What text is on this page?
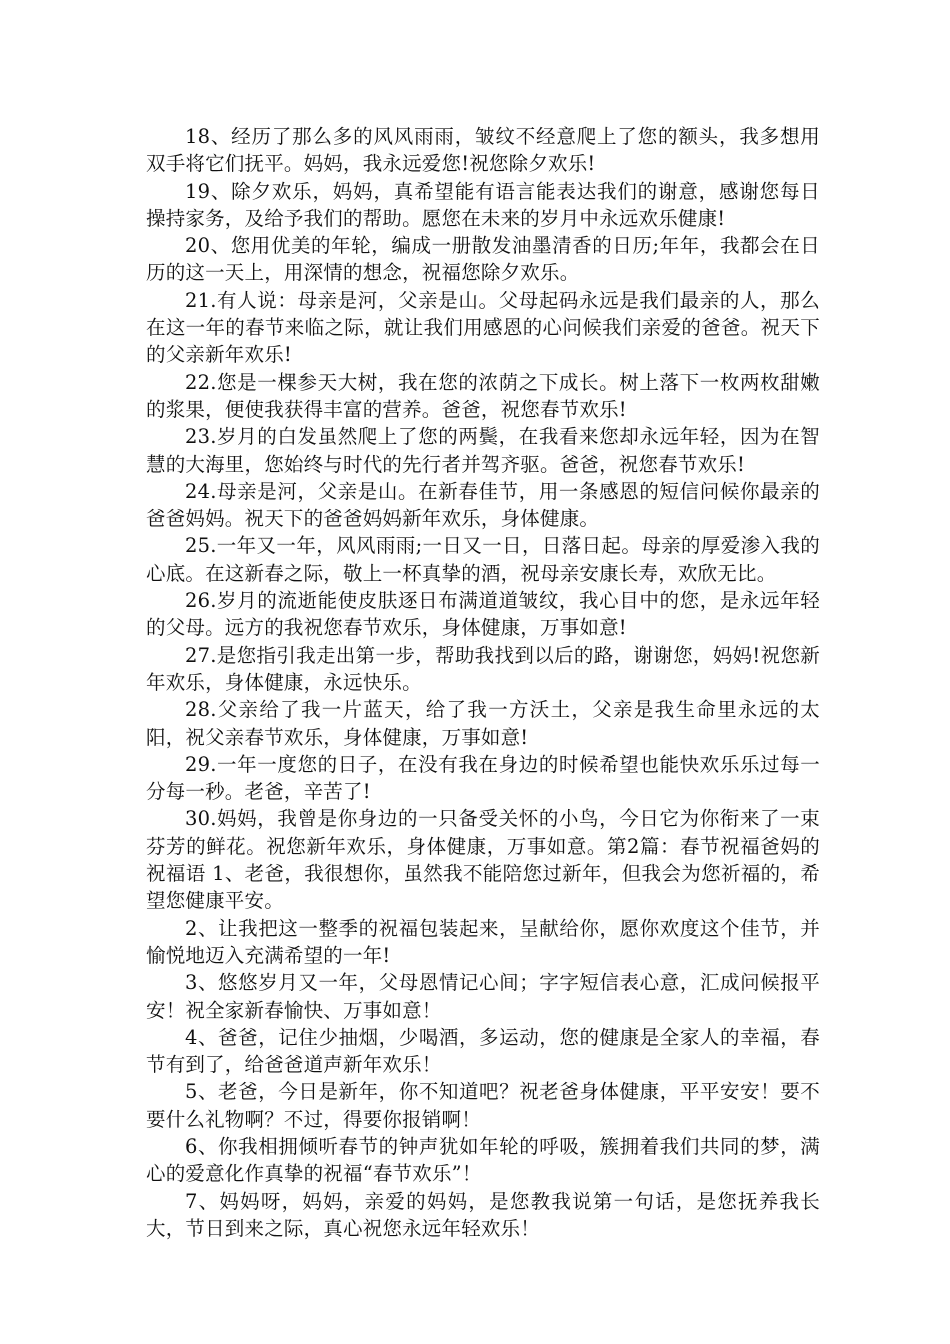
18、经历了那么多的风风雨雨，皱纹不经意爬上了您的额头，我多想用双手将它们抚平。妈妈，我永远爱您!祝您除夕欢乐!

19、除夕欢乐，妈妈，真希望能有语言能表达我们的谢意，感谢您每日操持家务，及给予我们的帮助。愿您在未来的岁月中永远欢乐健康!

20、您用优美的年轮，编成一册散发油墨清香的日历;年年，我都会在日历的这一天上，用深情的想念，祝福您除夕欢乐。

21.有人说：母亲是河，父亲是山。父母起码永远是我们最亲的人，那么在这一年的春节来临之际，就让我们用感恩的心问候我们亲爱的爸爸。祝天下的父亲新年欢乐!

22.您是一棵参天大树，我在您的浓荫之下成长。树上落下一枚两枚甜嫩的浆果，便使我获得丰富的营养。爸爸，祝您春节欢乐!

23.岁月的白发虽然爬上了您的两鬓，在我看来您却永远年轻，因为在智慧的大海里，您始终与时代的先行者并驾齐驱。爸爸，祝您春节欢乐!

24.母亲是河，父亲是山。在新春佳节，用一条感恩的短信问候你最亲的爸爸妈妈。祝天下的爸爸妈妈新年欢乐，身体健康。

25.一年又一年，风风雨雨;一日又一日，日落日起。母亲的厚爱渗入我的心底。在这新春之际，敬上一杯真挚的酒，祝母亲安康长寿，欢欣无比。

26.岁月的流逝能使皮肤逐日布满道道皱纹，我心目中的您，是永远年轻的父母。远方的我祝您春节欢乐，身体健康，万事如意!

27.是您指引我走出第一步，帮助我找到以后的路，谢谢您，妈妈!祝您新年欢乐，身体健康，永远快乐。

28.父亲给了我一片蓝天，给了我一方沃土，父亲是我生命里永远的太阳，祝父亲春节欢乐，身体健康，万事如意!

29.一年一度您的日子，在没有我在身边的时候希望也能快欢乐乐过每一分每一秒。老爸，辛苦了!

30.妈妈，我曾是你身边的一只备受关怀的小鸟，今日它为你衔来了一束芬芳的鲜花。祝您新年欢乐，身体健康，万事如意。第2篇：春节祝福爸妈的祝福语 1、老爸，我很想你，虽然我不能陪您过新年，但我会为您祈福的，希望您健康平安。

2、让我把这一整季的祝福包装起来，呈献给你，愿你欢度这个佳节，并愉悦地迈入充满希望的一年!

3、悠悠岁月又一年，父母恩情记心间；字字短信表心意，汇成问候报平安！祝全家新春愉快、万事如意！

4、爸爸，记住少抽烟，少喝酒，多运动，您的健康是全家人的幸福，春节有到了，给爸爸道声新年欢乐！

5、老爸，今日是新年，你不知道吧？祝老爸身体健康，平平安安！要不要什么礼物啊？不过，得要你报销啊！

6、你我相拥倾听春节的钟声犹如年轮的呼吸，簇拥着我们共同的梦，满心的爱意化作真挚的祝福“春节欢乐”！

7、妈妈呀，妈妈，亲爱的妈妈，是您教我说第一句话，是您抚养我长大，节日到来之际，真心祝您永远年轻欢乐！
